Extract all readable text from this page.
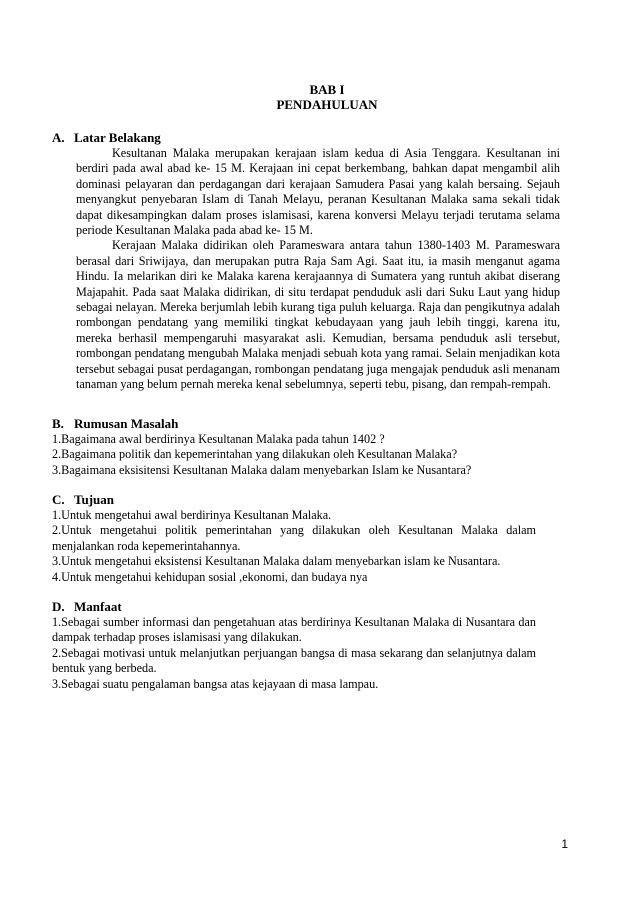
BAB I
PENDAHULUAN

A. Latar Belakang

Kesultanan Malaka merupakan kerajaan islam kedua di Asia Tenggara. Kesultanan ini berdiri pada awal abad ke- 15 M. Kerajaan ini cepat berkembang, bahkan dapat mengambil alih dominasi pelayaran dan perdagangan dari kerajaan Samudera Pasai yang kalah bersaing. Sejauh menyangkut penyebaran Islam di Tanah Melayu, peranan Kesultanan Malaka sama sekali tidak dapat dikesampingkan dalam proses islamisasi, karena konversi Melayu terjadi terutama selama periode Kesultanan Malaka pada abad ke- 15 M.

Kerajaan Malaka didirikan oleh Parameswara antara tahun 1380-1403 M. Parameswara berasal dari Sriwijaya, dan merupakan putra Raja Sam Agi. Saat itu, ia masih menganut agama Hindu. Ia melarikan diri ke Malaka karena kerajaannya di Sumatera yang runtuh akibat diserang Majapahit. Pada saat Malaka didirikan, di situ terdapat penduduk asli dari Suku Laut yang hidup sebagai nelayan. Mereka berjumlah lebih kurang tiga puluh keluarga. Raja dan pengikutnya adalah rombongan pendatang yang memiliki tingkat kebudayaan yang jauh lebih tinggi, karena itu, mereka berhasil mempengaruhi masyarakat asli. Kemudian, bersama penduduk asli tersebut, rombongan pendatang mengubah Malaka menjadi sebuah kota yang ramai. Selain menjadikan kota tersebut sebagai pusat perdagangan, rombongan pendatang juga mengajak penduduk asli menanam tanaman yang belum pernah mereka kenal sebelumnya, seperti tebu, pisang, dan rempah-rempah.

B. Rumusan Masalah

1.Bagaimana awal berdirinya Kesultanan Malaka pada tahun 1402 ?
2.Bagaimana politik dan kepemerintahan yang dilakukan oleh Kesultanan Malaka?
3.Bagaimana eksisitensi Kesultanan Malaka dalam menyebarkan Islam ke Nusantara?

C. Tujuan

1.Untuk mengetahui awal berdirinya Kesultanan Malaka.
2.Untuk mengetahui politik pemerintahan yang dilakukan oleh Kesultanan Malaka dalam menjalankan roda kepemerintahannya.
3.Untuk mengetahui eksistensi Kesultanan Malaka dalam menyebarkan islam ke Nusantara.
4.Untuk mengetahui kehidupan sosial ,ekonomi, dan budaya nya

D. Manfaat

1.Sebagai sumber informasi dan pengetahuan atas berdirinya Kesultanan Malaka di Nusantara dan dampak terhadap proses islamisasi yang dilakukan.
2.Sebagai motivasi untuk melanjutkan perjuangan bangsa di masa sekarang dan selanjutnya dalam bentuk yang berbeda.
3.Sebagai suatu pengalaman bangsa atas kejayaan di masa lampau.
1
